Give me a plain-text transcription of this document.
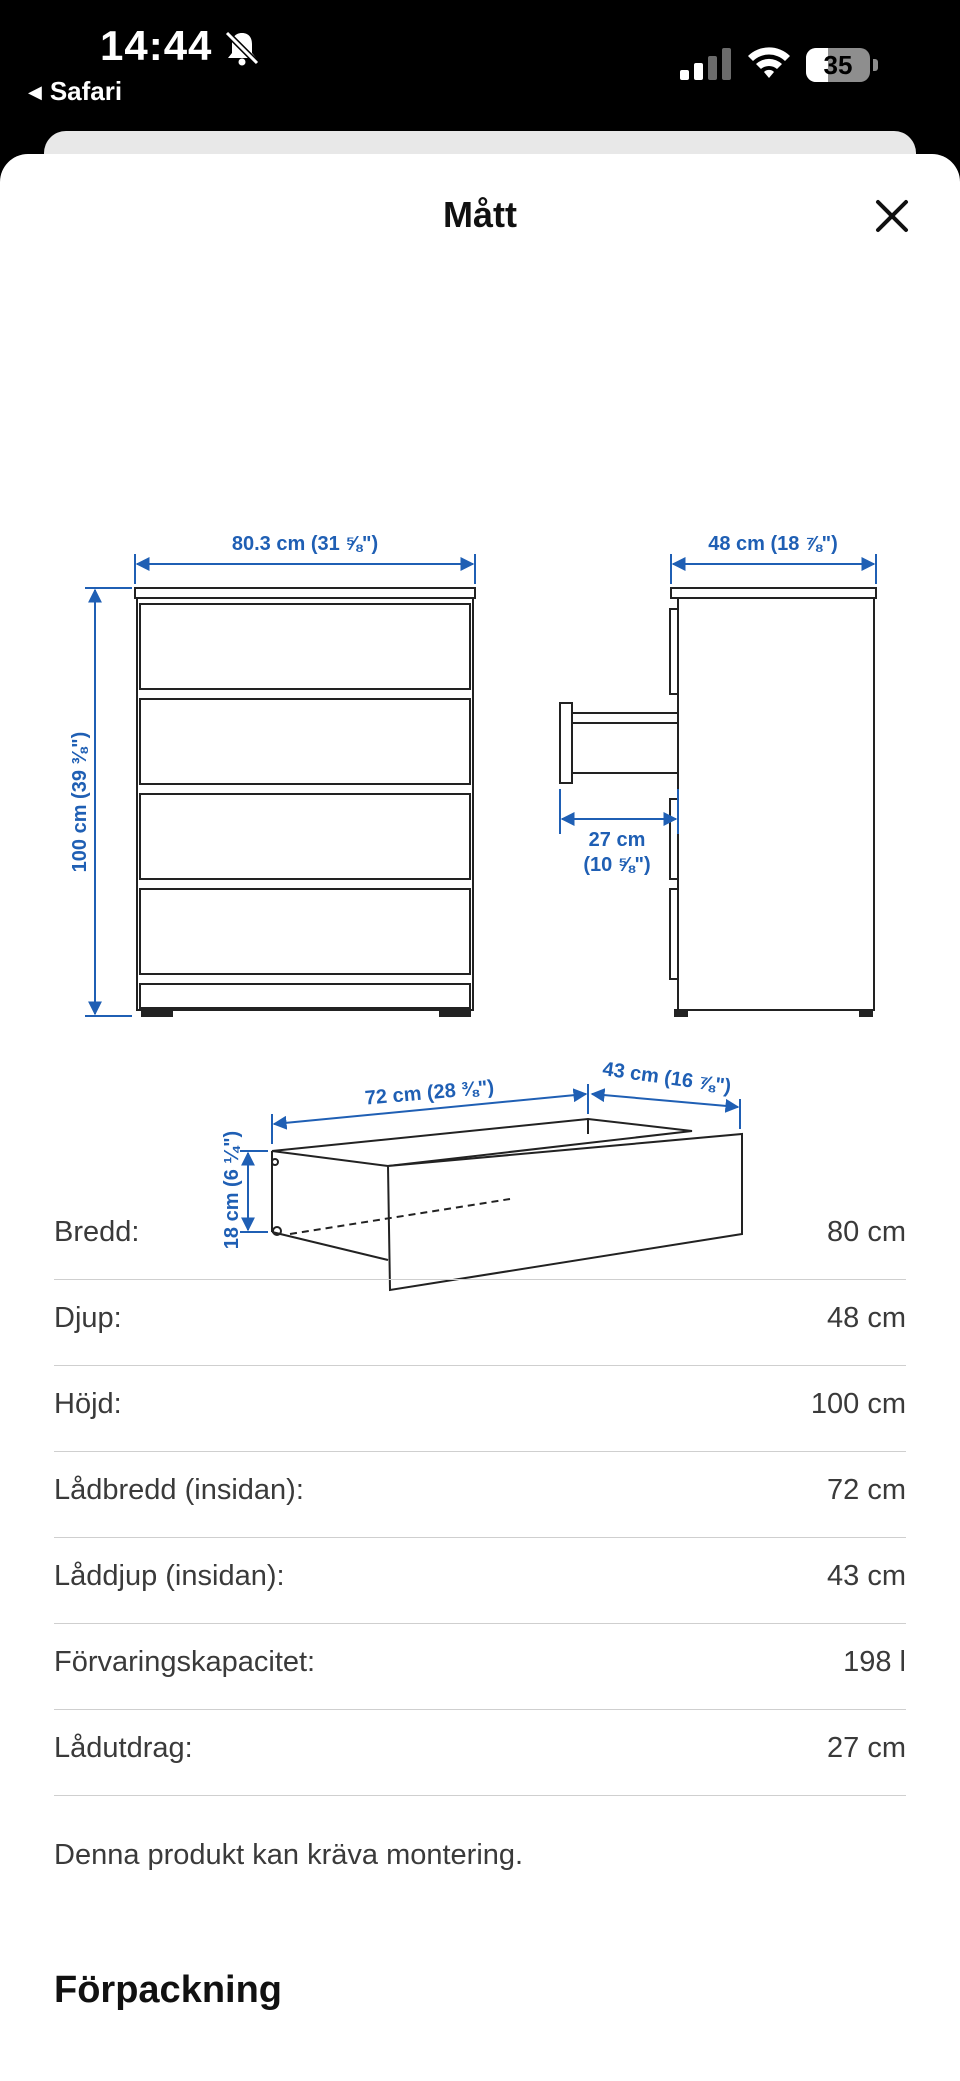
14:44
◀ Safari
35
Mått
80.3 cm (31 ⅝")
100 cm (39 ⅜")
48 cm (18 ⅞")
27 cm
(10 ⅝")
72 cm (28 ⅜")	43 cm (16 ⅞")
18 cm (6 ¼")
Bredd:	80 cm
Djup:	48 cm
Höjd:	100 cm
Lådbredd (insidan):	72 cm
Låddjup (insidan):	43 cm
Förvaringskapacitet:	198 l
Lådutdrag:	27 cm
Denna produkt kan kräva montering.
Förpackning
